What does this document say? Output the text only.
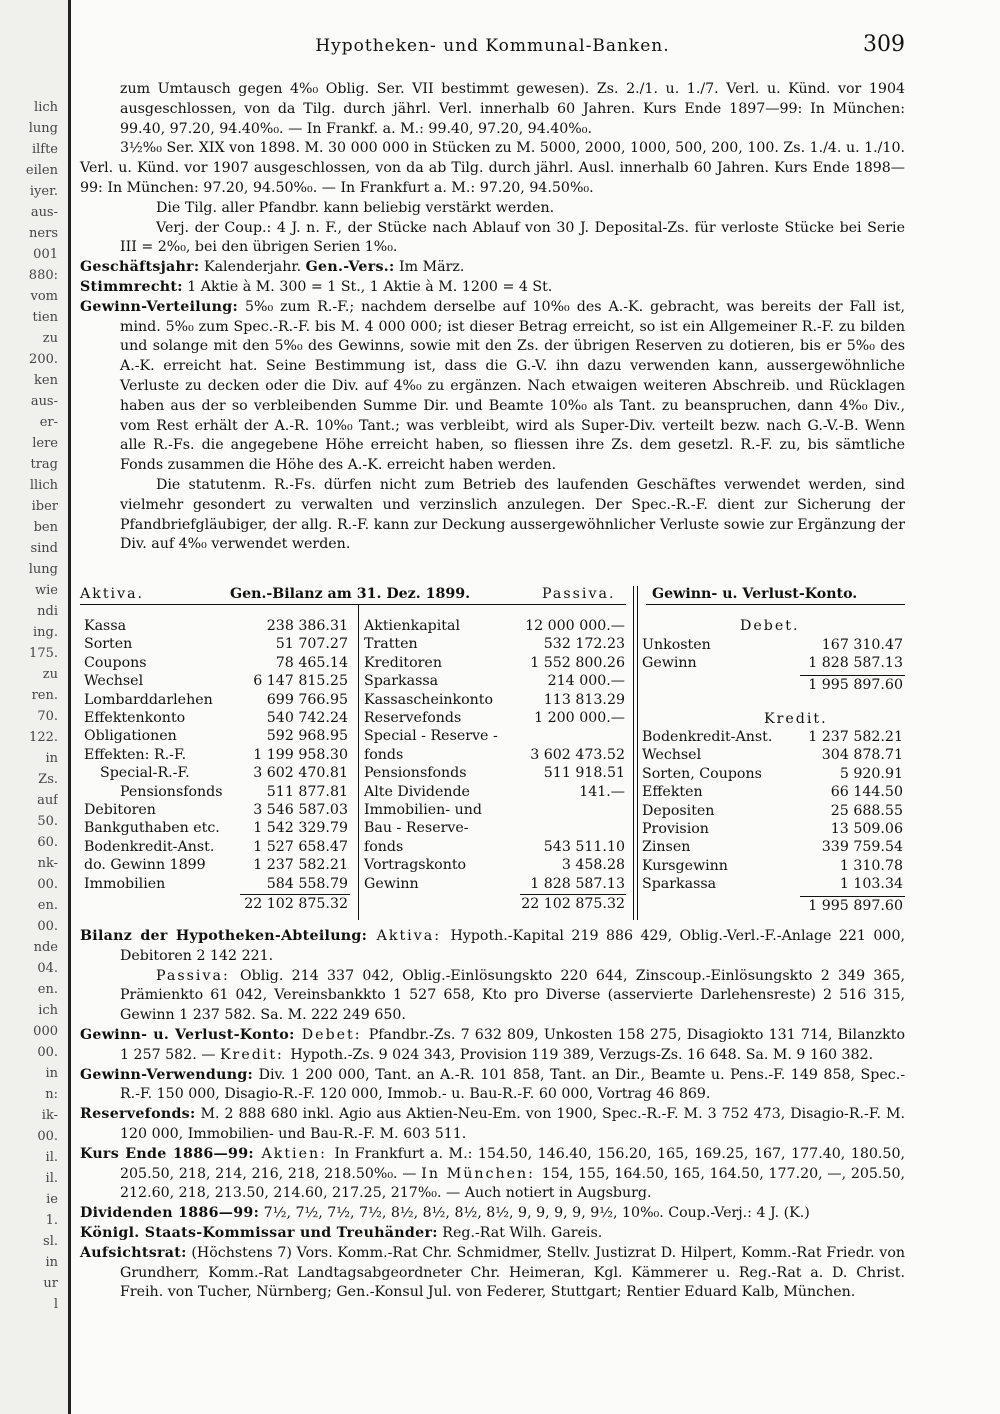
lich
lung
ilfte
eilen
iyer.
aus-
ners
001
880:
vom
tien
zu
200.
ken
aus-
er-
lere
trag
llich
iber
ben
sind
lung
wie
ndi
ing.
175.
zu
ren.
70.
122.
in
Zs.
auf
50.
60.
nk-
00.
en.
00.
nde
04.
en.
ich
000
00.
in
n:
ik-
00.
il.
il.
ie
1.
sl.
in
ur
l
Hypotheken- und Kommunal-Banken.	309

zum Umtausch gegen 4%₀ Oblig. Ser. VII bestimmt gewesen). Zs. 2./1. u. 1./7. Verl. u. Künd. vor 1904 ausgeschlossen, von da Tilg. durch jährl. Verl. innerhalb 60 Jahren. Kurs Ende 1897—99: In München: 99.40, 97.20, 94.40%₀. — In Frankf. a. M.: 99.40, 97.20, 94.40%₀.

3½%₀ Ser. XIX von 1898. M. 30 000 000 in Stücken zu M. 5000, 2000, 1000, 500, 200, 100. Zs. 1./4. u. 1./10. Verl. u. Künd. vor 1907 ausgeschlossen, von da ab Tilg. durch jährl. Ausl. innerhalb 60 Jahren. Kurs Ende 1898—99: In München: 97.20, 94.50%₀. — In Frankfurt a. M.: 97.20, 94.50%₀.

Die Tilg. aller Pfandbr. kann beliebig verstärkt werden.

Verj. der Coup.: 4 J. n. F., der Stücke nach Ablauf von 30 J. Deposital-Zs. für verloste Stücke bei Serie III = 2%₀, bei den übrigen Serien 1%₀.

Geschäftsjahr: Kalenderjahr. Gen.-Vers.: Im März.

Stimmrecht: 1 Aktie à M. 300 = 1 St., 1 Aktie à M. 1200 = 4 St.

Gewinn-Verteilung: 5%₀ zum R.-F.; nachdem derselbe auf 10%₀ des A.-K. gebracht, was bereits der Fall ist, mind. 5%₀ zum Spec.-R.-F. bis M. 4 000 000; ist dieser Betrag erreicht, so ist ein Allgemeiner R.-F. zu bilden und solange mit den 5%₀ des Gewinns, sowie mit den Zs. der übrigen Reserven zu dotieren, bis er 5%₀ des A.-K. erreicht hat. Seine Bestimmung ist, dass die G.-V. ihn dazu verwenden kann, aussergewöhnliche Verluste zu decken oder die Div. auf 4%₀ zu ergänzen. Nach etwaigen weiteren Abschreib. und Rücklagen haben aus der so verbleibenden Summe Dir. und Beamte 10%₀ als Tant. zu beanspruchen, dann 4%₀ Div., vom Rest erhält der A.-R. 10%₀ Tant.; was verbleibt, wird als Super-Div. verteilt bezw. nach G.-V.-B. Wenn alle R.-Fs. die angegebene Höhe erreicht haben, so fliessen ihre Zs. dem gesetzl. R.-F. zu, bis sämtliche Fonds zusammen die Höhe des A.-K. erreicht haben werden.

Die statutenm. R.-Fs. dürfen nicht zum Betrieb des laufenden Geschäftes verwendet werden, sind vielmehr gesondert zu verwalten und verzinslich anzulegen. Der Spec.-R.-F. dient zur Sicherung der Pfandbriefgläubiger, der allg. R.-F. kann zur Deckung aussergewöhnlicher Verluste sowie zur Ergänzung der Div. auf 4%₀ verwendet werden.

Aktiva.	Gen.-Bilanz am 31. Dez. 1899.	Passiva.	Gewinn- u. Verlust-Konto.
Kassa	238 386.31
Sorten	51 707.27
Coupons	78 465.14
Wechsel	6 147 815.25
Lombarddarlehen	699 766.95
Effektenkonto	540 742.24
Obligationen	592 968.95
Effekten: R.-F.	1 199 958.30
Special-R.-F.	3 602 470.81
Pensionsfonds	511 877.81
Debitoren	3 546 587.03
Bankguthaben etc. 1 542 329.79
Bodenkredit-Anst.	1 527 658.47
do. Gewinn 1899	1 237 582.21
Immobilien	584 558.79
22 102 875.32
Aktienkapital	12 000 000.—
Tratten	532 172.23
Kreditoren	1 552 800.26
Sparkassa	214 000.—
Kassascheinkonto	113 813.29
Reservefonds	1 200 000.—
Special - Reserve -
fonds	3 602 473.52
Pensionsfonds	511 918.51
Alte Dividende	141.—
Immobilien- und
Bau - Reserve-
fonds	543 511.10
Vortragskonto	3 458.28
Gewinn	1 828 587.13
22 102 875.32
Debet.
Unkosten	167 310.47
Gewinn	1 828 587.13
1 995 897.60
Kredit.
Bodenkredit-Anst.	1 237 582.21
Wechsel	304 878.71
Sorten, Coupons	5 920.91
Effekten	66 144.50
Depositen	25 688.55
Provision	13 509.06
Zinsen	339 759.54
Kursgewinn	1 310.78
Sparkassa	1 103.34
1 995 897.60

Bilanz der Hypotheken-Abteilung: Aktiva: Hypoth.-Kapital 219 886 429, Oblig.-Verl.-F.-Anlage 221 000, Debitoren 2 142 221.

Passiva: Oblig. 214 337 042, Oblig.-Einlösungskto 220 644, Zinscoup.-Einlösungskto 2 349 365, Prämienkto 61 042, Vereinsbankkto 1 527 658, Kto pro Diverse (asservierte Darlehensreste) 2 516 315, Gewinn 1 237 582. Sa. M. 222 249 650.

Gewinn- u. Verlust-Konto: Debet: Pfandbr.-Zs. 7 632 809, Unkosten 158 275, Disagiokto 131 714, Bilanzkto 1 257 582. — Kredit: Hypoth.-Zs. 9 024 343, Provision 119 389, Verzugs-Zs. 16 648. Sa. M. 9 160 382.

Gewinn-Verwendung: Div. 1 200 000, Tant. an A.-R. 101 858, Tant. an Dir., Beamte u. Pens.-F. 149 858, Spec.-R.-F. 150 000, Disagio-R.-F. 120 000, Immob.- u. Bau-R.-F. 60 000, Vortrag 46 869.

Reservefonds: M. 2 888 680 inkl. Agio aus Aktien-Neu-Em. von 1900, Spec.-R.-F. M. 3 752 473, Disagio-R.-F. M. 120 000, Immobilien- und Bau-R.-F. M. 603 511.

Kurs Ende 1886—99: Aktien: In Frankfurt a. M.: 154.50, 146.40, 156.20, 165, 169.25, 167, 177.40, 180.50, 205.50, 218, 214, 216, 218, 218.50%₀. — In München: 154, 155, 164.50, 165, 164.50, 177.20, —, 205.50, 212.60, 218, 213.50, 214.60, 217.25, 217%₀. — Auch notiert in Augsburg.

Dividenden 1886—99: 7½, 7½, 7½, 7½, 8½, 8½, 8½, 8½, 9, 9, 9, 9, 9½, 10%₀. Coup.-Verj.: 4 J. (K.)

Königl. Staats-Kommissar und Treuhänder: Reg.-Rat Wilh. Gareis.

Aufsichtsrat: (Höchstens 7) Vors. Komm.-Rat Chr. Schmidmer, Stellv. Justizrat D. Hilpert, Komm.-Rat Friedr. von Grundherr, Komm.-Rat Landtagsabgeordneter Chr. Heimeran, Kgl. Kämmerer u. Reg.-Rat a. D. Christ. Freih. von Tucher, Nürnberg; Gen.-Konsul Jul. von Federer, Stuttgart; Rentier Eduard Kalb, München.
